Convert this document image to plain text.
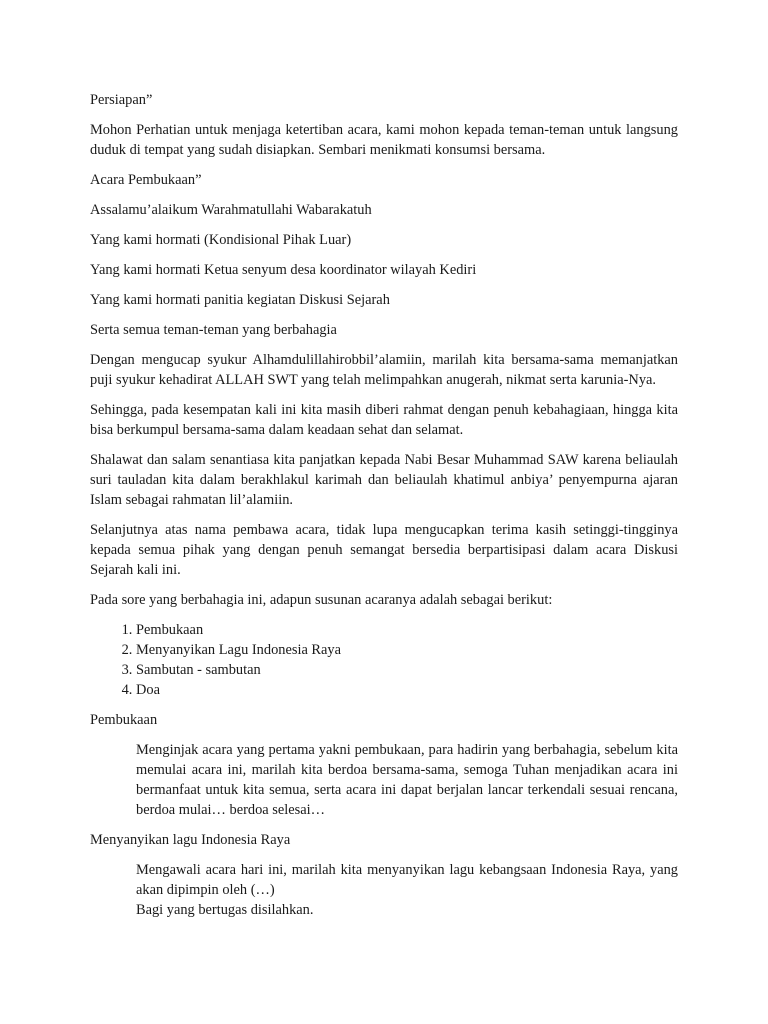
Persiapan”

Mohon Perhatian untuk menjaga ketertiban acara, kami mohon kepada teman-teman untuk langsung duduk di tempat yang sudah disiapkan. Sembari menikmati konsumsi bersama.

Acara Pembukaan”

Assalamu’alaikum Warahmatullahi Wabarakatuh

Yang kami hormati (Kondisional Pihak Luar)

Yang kami hormati Ketua senyum desa koordinator wilayah Kediri

Yang kami hormati panitia kegiatan Diskusi Sejarah

Serta semua teman-teman yang berbahagia

Dengan mengucap syukur Alhamdulillahirobbil’alamiin, marilah kita bersama-sama memanjatkan puji syukur kehadirat ALLAH SWT yang telah melimpahkan anugerah, nikmat serta karunia-Nya.

Sehingga, pada kesempatan kali ini kita masih diberi rahmat dengan penuh kebahagiaan, hingga kita bisa berkumpul bersama-sama dalam keadaan sehat dan selamat.

Shalawat dan salam senantiasa kita panjatkan kepada Nabi Besar Muhammad SAW karena beliaulah suri tauladan kita dalam berakhlakul karimah dan beliaulah khatimul anbiya’ penyempurna ajaran Islam sebagai rahmatan lil’alamiin.

Selanjutnya atas nama pembawa acara, tidak lupa mengucapkan terima kasih setinggi-tingginya kepada semua pihak yang dengan penuh semangat bersedia berpartisipasi dalam acara Diskusi Sejarah kali ini.

Pada sore yang berbahagia ini, adapun susunan acaranya adalah sebagai berikut:

1. Pembukaan
2. Menyanyikan Lagu Indonesia Raya
3. Sambutan - sambutan
4. Doa

Pembukaan

Menginjak acara yang pertama yakni pembukaan, para hadirin yang berbahagia, sebelum kita memulai acara ini, marilah kita berdoa bersama-sama, semoga Tuhan menjadikan acara ini bermanfaat untuk kita semua, serta acara ini dapat berjalan lancar terkendali sesuai rencana, berdoa mulai… berdoa selesai…

Menyanyikan lagu Indonesia Raya

Mengawali acara hari ini, marilah kita menyanyikan lagu kebangsaan Indonesia Raya, yang akan dipimpin oleh (…)

Bagi yang bertugas disilahkan.
